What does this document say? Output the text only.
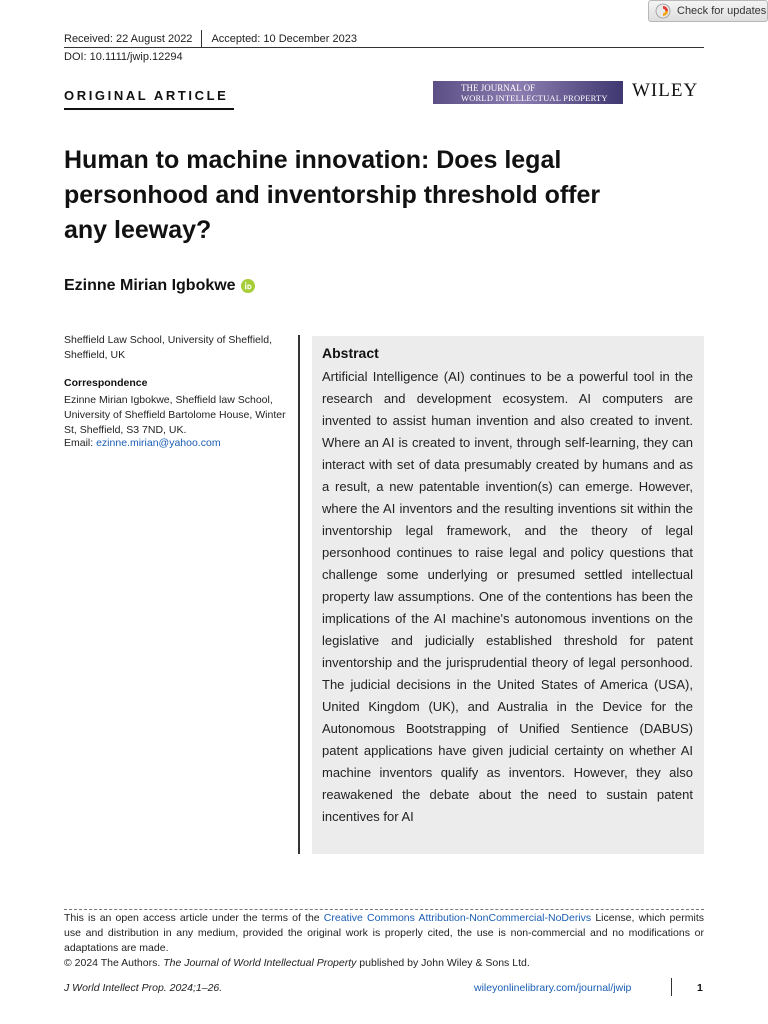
Check for updates
Received: 22 August 2022 Accepted: 10 December 2023
DOI: 10.1111/jwip.12294
ORIGINAL ARTICLE	THE JOURNAL OF
WORLD INTELLECTUAL PROPERTY WILEY
Human to machine innovation: Does legal personhood and inventorship threshold offer any leeway?
Ezinne Mirian Igbokwe
Sheffield Law School, University of Sheffield, Sheffield, UK
Correspondence
Ezinne Mirian Igbokwe, Sheffield law School, University of Sheffield Bartolome House, Winter St, Sheffield, S3 7ND, UK.
Email: ezinne.mirian@yahoo.com
Abstract

Artificial Intelligence (AI) continues to be a powerful tool in the research and development ecosystem. AI computers are invented to assist human invention and also created to invent. Where an AI is created to invent, through self-learning, they can interact with set of data presumably created by humans and as a result, a new patentable invention(s) can emerge. However, where the AI inventors and the resulting inventions sit within the inventorship legal framework, and the theory of legal personhood continues to raise legal and policy questions that challenge some underlying or presumed settled intellectual property law assumptions. One of the contentions has been the implications of the AI machine's autonomous inventions on the legislative and judicially established threshold for patent inventorship and the jurisprudential theory of legal personhood. The judicial decisions in the United States of America (USA), United Kingdom (UK), and Australia in the Device for the Autonomous Bootstrapping of Unified Sentience (DABUS) patent applications have given judicial certainty on whether AI machine inventors qualify as inventors. However, they also reawakened the debate about the need to sustain patent incentives for AI

This is an open access article under the terms of the Creative Commons Attribution-NonCommercial-NoDerivs License, which permits use and distribution in any medium, provided the original work is properly cited, the use is non-commercial and no modifications or adaptations are made.

© 2024 The Authors. The Journal of World Intellectual Property published by John Wiley & Sons Ltd.
J World Intellect Prop. 2024;1–26.	wileyonlinelibrary.com/journal/jwip	1
